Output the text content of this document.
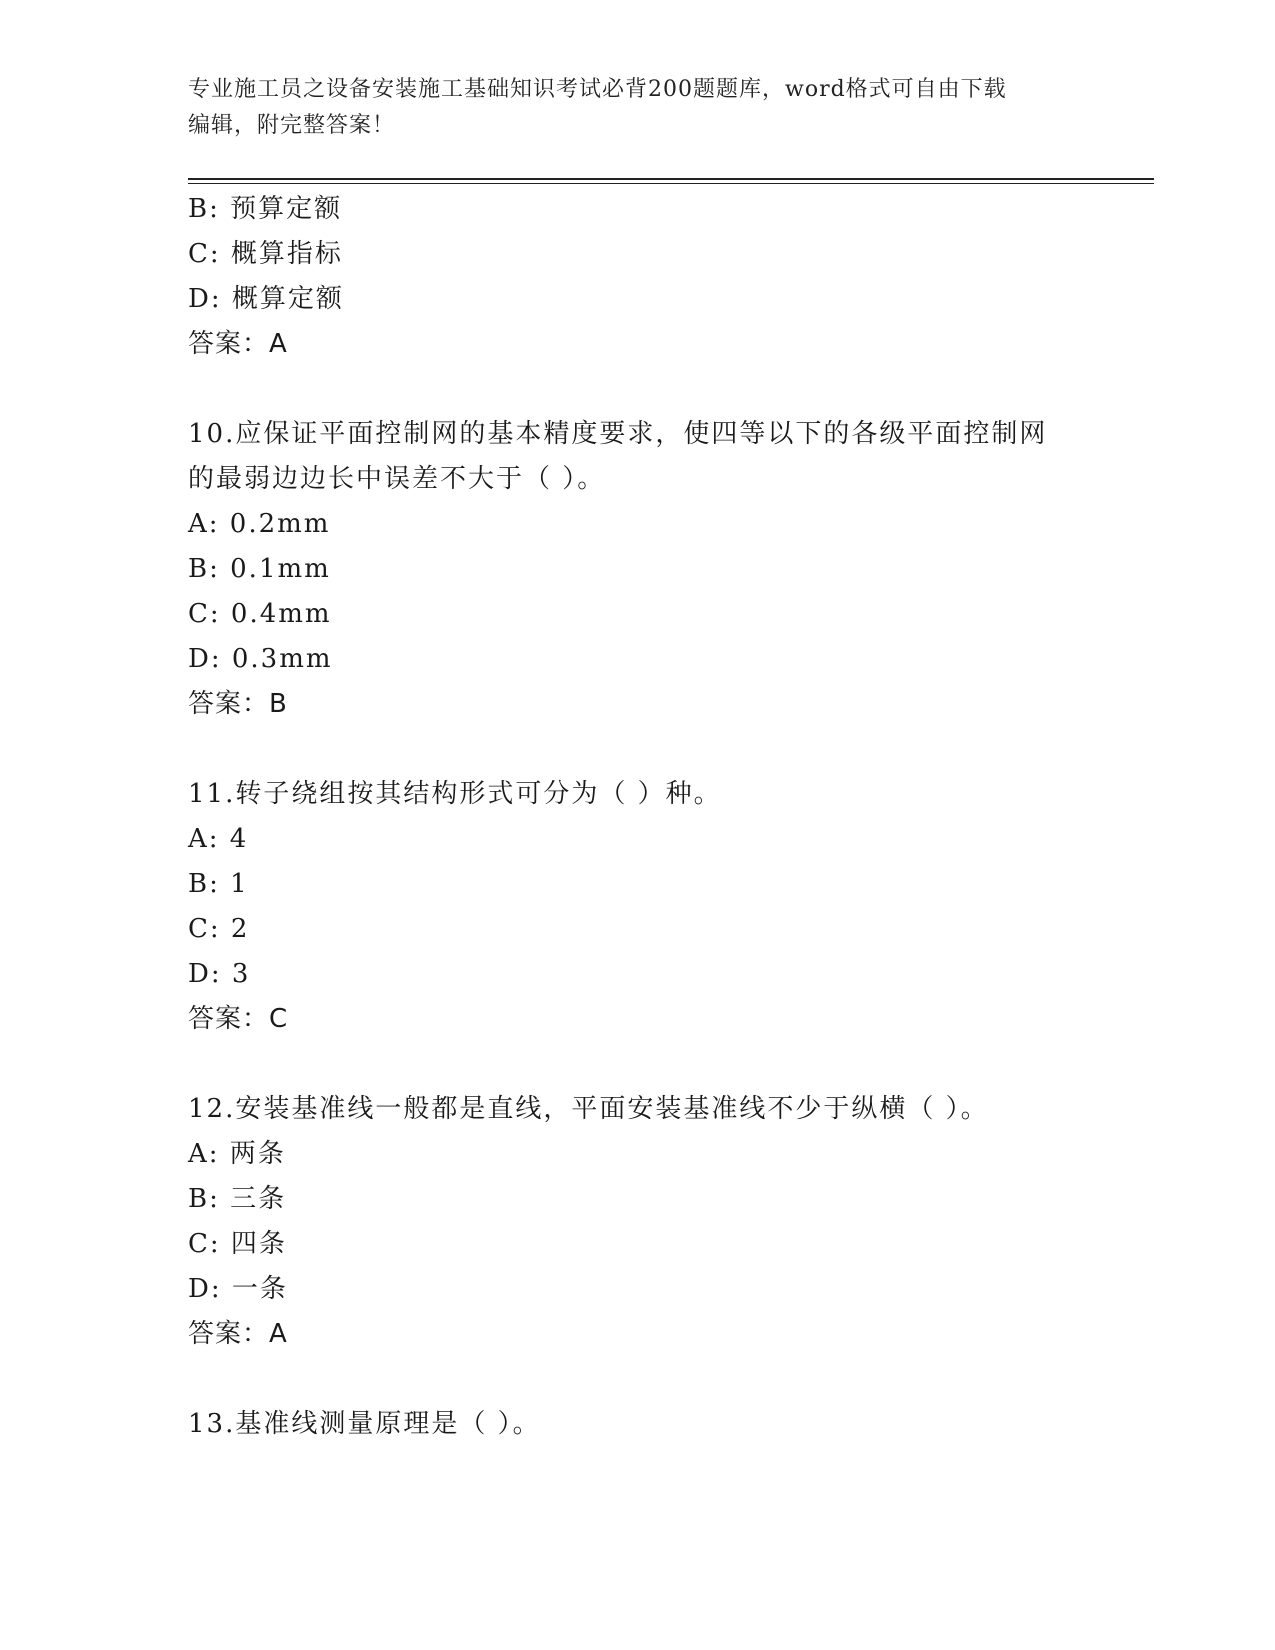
专业施工员之设备安装施工基础知识考试必背200题题库，word格式可自由下载
编辑，附完整答案！
B: 预算定额
C: 概算指标
D: 概算定额
答案：A
10.应保证平面控制网的基本精度要求，使四等以下的各级平面控制网
的最弱边边长中误差不大于（ ）。
A: 0.2mm
B: 0.1mm
C: 0.4mm
D: 0.3mm
答案：B
11.转子绕组按其结构形式可分为（ ）种。
A: 4
B: 1
C: 2
D: 3
答案：C
12.安装基准线一般都是直线，平面安装基准线不少于纵横（ ）。
A: 两条
B: 三条
C: 四条
D: 一条
答案：A
13.基准线测量原理是（ ）。
